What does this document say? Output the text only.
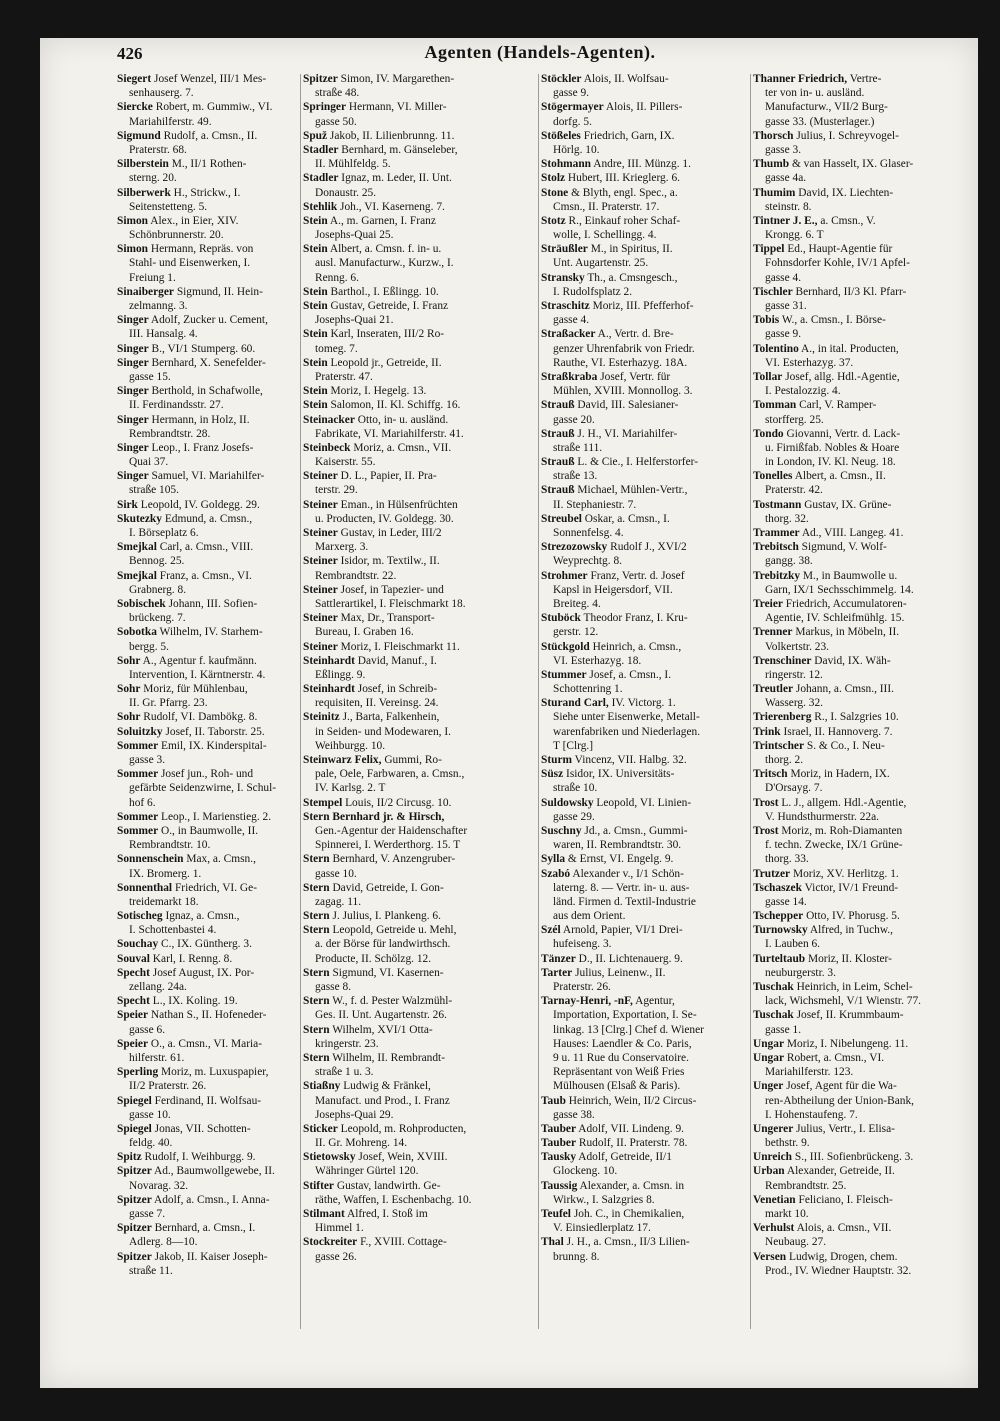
426	Agenten (Handels-Agenten).
Siegert Josef Wenzel, III/1 Mes-
senhauserg. 7.
Siercke Robert, m. Gummiw., VI.
Mariahilferstr. 49.
Sigmund Rudolf, a. Cmsn., II.
Praterstr. 68.
Silberstein M., II/1 Rothen-
sterng. 20.
Silberwerk H., Strickw., I.
Seitenstetteng. 5.
Simon Alex., in Eier, XIV.
Schönbrunnerstr. 20.
Simon Hermann, Repräs. von
Stahl- und Eisenwerken, I.
Freiung 1.
Sinaiberger Sigmund, II. Hein-
zelmanng. 3.
Singer Adolf, Zucker u. Cement,
III. Hansalg. 4.
Singer B., VI/1 Stumperg. 60.
Singer Bernhard, X. Senefelder-
gasse 15.
Singer Berthold, in Schafwolle,
II. Ferdinandsstr. 27.
Singer Hermann, in Holz, II.
Rembrandtstr. 28.
Singer Leop., I. Franz Josefs-
Quai 37.
Singer Samuel, VI. Mariahilfer-
straße 105.
Sirk Leopold, IV. Goldegg. 29.
Skutezky Edmund, a. Cmsn.,
I. Börseplatz 6.
Smejkal Carl, a. Cmsn., VIII.
Bennog. 25.
Smejkal Franz, a. Cmsn., VI.
Grabnerg. 8.
Sobischek Johann, III. Sofien-
brückeng. 7.
Sobotka Wilhelm, IV. Starhem-
bergg. 5.
Sohr A., Agentur f. kaufmänn.
Intervention, I. Kärntnerstr. 4.
Sohr Moriz, für Mühlenbau,
II. Gr. Pfarrg. 23.
Sohr Rudolf, VI. Dambökg. 8.
Soluitzky Josef, II. Taborstr. 25.
Sommer Emil, IX. Kinderspital-
gasse 3.
Sommer Josef jun., Roh- und
gefärbte Seidenzwirne, I. Schul-
hof 6.
Sommer Leop., I. Marienstieg. 2.
Sommer O., in Baumwolle, II.
Rembrandtstr. 10.
Sonnenschein Max, a. Cmsn.,
IX. Bromerg. 1.
Sonnenthal Friedrich, VI. Ge-
treidemarkt 18.
Sotischeg Ignaz, a. Cmsn.,
I. Schottenbastei 4.
Souchay C., IX. Güntherg. 3.
Souval Karl, I. Renng. 8.
Specht Josef August, IX. Por-
zellang. 24a.
Specht L., IX. Koling. 19.
Speier Nathan S., II. Hofeneder-
gasse 6.
Speier O., a. Cmsn., VI. Maria-
hilferstr. 61.
Sperling Moriz, m. Luxuspapier,
II/2 Praterstr. 26.
Spiegel Ferdinand, II. Wolfsau-
gasse 10.
Spiegel Jonas, VII. Schotten-
feldg. 40.
Spitz Rudolf, I. Weihburgg. 9.
Spitzer Ad., Baumwollgewebe, II.
Novarag. 32.
Spitzer Adolf, a. Cmsn., I. Anna-
gasse 7.
Spitzer Bernhard, a. Cmsn., I.
Adlerg. 8—10.
Spitzer Jakob, II. Kaiser Joseph-
straße 11.
Spitzer Simon, IV. Margarethen-
straße 48.
Springer Hermann, VI. Miller-
gasse 50.
Spuž Jakob, II. Lilienbrunng. 11.
Stadler Bernhard, m. Gänseleber,
II. Mühlfeldg. 5.
Stadler Ignaz, m. Leder, II. Unt.
Donaustr. 25.
Stehlik Joh., VI. Kaserneng. 7.
Stein A., m. Garnen, I. Franz
Josephs-Quai 25.
Stein Albert, a. Cmsn. f. in- u.
ausl. Manufacturw., Kurzw., I.
Renng. 6.
Stein Barthol., I. Eßlingg. 10.
Stein Gustav, Getreide, I. Franz
Josephs-Quai 21.
Stein Karl, Inseraten, III/2 Ro-
tomeg. 7.
Stein Leopold jr., Getreide, II.
Praterstr. 47.
Stein Moriz, I. Hegelg. 13.
Stein Salomon, II. Kl. Schiffg. 16.
Steinacker Otto, in- u. ausländ.
Fabrikate, VI. Mariahilferstr. 41.
Steinbeck Moriz, a. Cmsn., VII.
Kaiserstr. 55.
Steiner D. L., Papier, II. Pra-
terstr. 29.
Steiner Eman., in Hülsenfrüchten
u. Producten, IV. Goldegg. 30.
Steiner Gustav, in Leder, III/2
Marxerg. 3.
Steiner Isidor, m. Textilw., II.
Rembrandtstr. 22.
Steiner Josef, in Tapezier- und
Sattlerartikel, I. Fleischmarkt 18.
Steiner Max, Dr., Transport-
Bureau, I. Graben 16.
Steiner Moriz, I. Fleischmarkt 11.
Steinhardt David, Manuf., I.
Eßlingg. 9.
Steinhardt Josef, in Schreib-
requisiten, II. Vereinsg. 24.
Steinitz J., Barta, Falkenhein,
in Seiden- und Modewaren, I.
Weihburgg. 10.
Steinwarz Felix, Gummi, Ro-
pale, Oele, Farbwaren, a. Cmsn.,
IV. Karlsg. 2. T
Stempel Louis, II/2 Circusg. 10.
Stern Bernhard jr. & Hirsch,
Gen.-Agentur der Haidenschafter
Spinnerei, I. Werderthorg. 15. T
Stern Bernhard, V. Anzengruber-
gasse 10.
Stern David, Getreide, I. Gon-
zagag. 11.
Stern J. Julius, I. Plankeng. 6.
Stern Leopold, Getreide u. Mehl,
a. der Börse für landwirthsch.
Producte, II. Schölzg. 12.
Stern Sigmund, VI. Kasernen-
gasse 8.
Stern W., f. d. Pester Walzmühl-
Ges. II. Unt. Augartenstr. 26.
Stern Wilhelm, XVI/1 Otta-
kringerstr. 23.
Stern Wilhelm, II. Rembrandt-
straße 1 u. 3.
Stiaßny Ludwig & Fränkel,
Manufact. und Prod., I. Franz
Josephs-Quai 29.
Sticker Leopold, m. Rohproducten,
II. Gr. Mohreng. 14.
Stietowsky Josef, Wein, XVIII.
Währinger Gürtel 120.
Stifter Gustav, landwirth. Ge-
räthe, Waffen, I. Eschenbachg. 10.
Stilmant Alfred, I. Stoß im
Himmel 1.
Stockreiter F., XVIII. Cottage-
gasse 26.
Stöckler Alois, II. Wolfsau-
gasse 9.
Stögermayer Alois, II. Pillers-
dorfg. 5.
Stößeles Friedrich, Garn, IX.
Hörlg. 10.
Stohmann Andre, III. Münzg. 1.
Stolz Hubert, III. Krieglerg. 6.
Stone & Blyth, engl. Spec., a.
Cmsn., II. Praterstr. 17.
Stotz R., Einkauf roher Schaf-
wolle, I. Schellingg. 4.
Sträußler M., in Spiritus, II.
Unt. Augartenstr. 25.
Stransky Th., a. Cmsngesch.,
I. Rudolfsplatz 2.
Straschitz Moriz, III. Pfefferhof-
gasse 4.
Straßacker A., Vertr. d. Bre-
genzer Uhrenfabrik von Friedr.
Rauthe, VI. Esterhazyg. 18A.
Straßkraba Josef, Vertr. für
Mühlen, XVIII. Monnollog. 3.
Strauß David, III. Salesianer-
gasse 20.
Strauß J. H., VI. Mariahilfer-
straße 111.
Strauß L. & Cie., I. Helferstorfer-
straße 13.
Strauß Michael, Mühlen-Vertr.,
II. Stephaniestr. 7.
Streubel Oskar, a. Cmsn., I.
Sonnenfelsg. 4.
Strezozowsky Rudolf J., XVI/2
Weyprechtg. 8.
Strohmer Franz, Vertr. d. Josef
Kapsl in Heigersdorf, VII.
Breiteg. 4.
Stuböck Theodor Franz, I. Kru-
gerstr. 12.
Stückgold Heinrich, a. Cmsn.,
VI. Esterhazyg. 18.
Stummer Josef, a. Cmsn., I.
Schottenring 1.
Sturand Carl, IV. Victorg. 1.
Siehe unter Eisenwerke, Metall-
warenfabriken und Niederlagen.
T [Clrg.]
Sturm Vincenz, VII. Halbg. 32.
Süsz Isidor, IX. Universitäts-
straße 10.
Suldowsky Leopold, VI. Linien-
gasse 29.
Suschny Jd., a. Cmsn., Gummi-
waren, II. Rembrandtstr. 30.
Sylla & Ernst, VI. Engelg. 9.
Szabó Alexander v., I/1 Schön-
laterng. 8. — Vertr. in- u. aus-
länd. Firmen d. Textil-Industrie
aus dem Orient.
Szél Arnold, Papier, VI/1 Drei-
hufeiseng. 3.
Tänzer D., II. Lichtenauerg. 9.
Tarter Julius, Leinenw., II.
Praterstr. 26.
Tarnay-Henri, -nF, Agentur,
Importation, Exportation, I. Se-
linkag. 13 [Clrg.] Chef d. Wiener
Hauses: Laendler & Co. Paris,
9 u. 11 Rue du Conservatoire.
Repräsentant von Weiß Fries
Mülhousen (Elsaß & Paris).
Taub Heinrich, Wein, II/2 Circus-
gasse 38.
Tauber Adolf, VII. Lindeng. 9.
Tauber Rudolf, II. Praterstr. 78.
Tausky Adolf, Getreide, II/1
Glockeng. 10.
Taussig Alexander, a. Cmsn. in
Wirkw., I. Salzgries 8.
Teufel Joh. C., in Chemikalien,
V. Einsiedlerplatz 17.
Thal J. H., a. Cmsn., II/3 Lilien-
brunng. 8.
Thanner Friedrich, Vertre-
ter von in- u. ausländ.
Manufacturw., VII/2 Burg-
gasse 33. (Musterlager.)
Thorsch Julius, I. Schreyvogel-
gasse 3.
Thumb & van Hasselt, IX. Glaser-
gasse 4a.
Thumim David, IX. Liechten-
steinstr. 8.
Tintner J. E., a. Cmsn., V.
Krongg. 6. T
Tippel Ed., Haupt-Agentie für
Fohnsdorfer Kohle, IV/1 Apfel-
gasse 4.
Tischler Bernhard, II/3 Kl. Pfarr-
gasse 31.
Tobis W., a. Cmsn., I. Börse-
gasse 9.
Tolentino A., in ital. Producten,
VI. Esterhazyg. 37.
Tollar Josef, allg. Hdl.-Agentie,
I. Pestalozzig. 4.
Tomman Carl, V. Ramper-
storfferg. 25.
Tondo Giovanni, Vertr. d. Lack-
u. Firnißfab. Nobles & Hoare
in London, IV. Kl. Neug. 18.
Tonelles Albert, a. Cmsn., II.
Praterstr. 42.
Tostmann Gustav, IX. Grüne-
thorg. 32.
Trammer Ad., VIII. Langeg. 41.
Trebitsch Sigmund, V. Wolf-
gangg. 38.
Trebitzky M., in Baumwolle u.
Garn, IX/1 Sechsschimmelg. 14.
Treier Friedrich, Accumulatoren-
Agentie, IV. Schleifmühlg. 15.
Trenner Markus, in Möbeln, II.
Volkertstr. 23.
Trenschiner David, IX. Wäh-
ringerstr. 12.
Treutler Johann, a. Cmsn., III.
Wasserg. 32.
Trierenberg R., I. Salzgries 10.
Trink Israel, II. Hannoverg. 7.
Trintscher S. & Co., I. Neu-
thorg. 2.
Tritsch Moriz, in Hadern, IX.
D'Orsayg. 7.
Trost L. J., allgem. Hdl.-Agentie,
V. Hundsthurmerstr. 22a.
Trost Moriz, m. Roh-Diamanten
f. techn. Zwecke, IX/1 Grüne-
thorg. 33.
Trutzer Moriz, XV. Herlitzg. 1.
Tschaszek Victor, IV/1 Freund-
gasse 14.
Tschepper Otto, IV. Phorusg. 5.
Turnowsky Alfred, in Tuchw.,
I. Lauben 6.
Turteltaub Moriz, II. Kloster-
neuburgerstr. 3.
Tuschak Heinrich, in Leim, Schel-
lack, Wichsmehl, V/1 Wienstr. 77.
Tuschak Josef, II. Krummbaum-
gasse 1.
Ungar Moriz, I. Nibelungeng. 11.
Ungar Robert, a. Cmsn., VI.
Mariahilferstr. 123.
Unger Josef, Agent für die Wa-
ren-Abtheilung der Union-Bank,
I. Hohenstaufeng. 7.
Ungerer Julius, Vertr., I. Elisa-
bethstr. 9.
Unreich S., III. Sofienbrückeng. 3.
Urban Alexander, Getreide, II.
Rembrandtstr. 25.
Venetian Feliciano, I. Fleisch-
markt 10.
Verhulst Alois, a. Cmsn., VII.
Neubaug. 27.
Versen Ludwig, Drogen, chem.
Prod., IV. Wiedner Hauptstr. 32.
